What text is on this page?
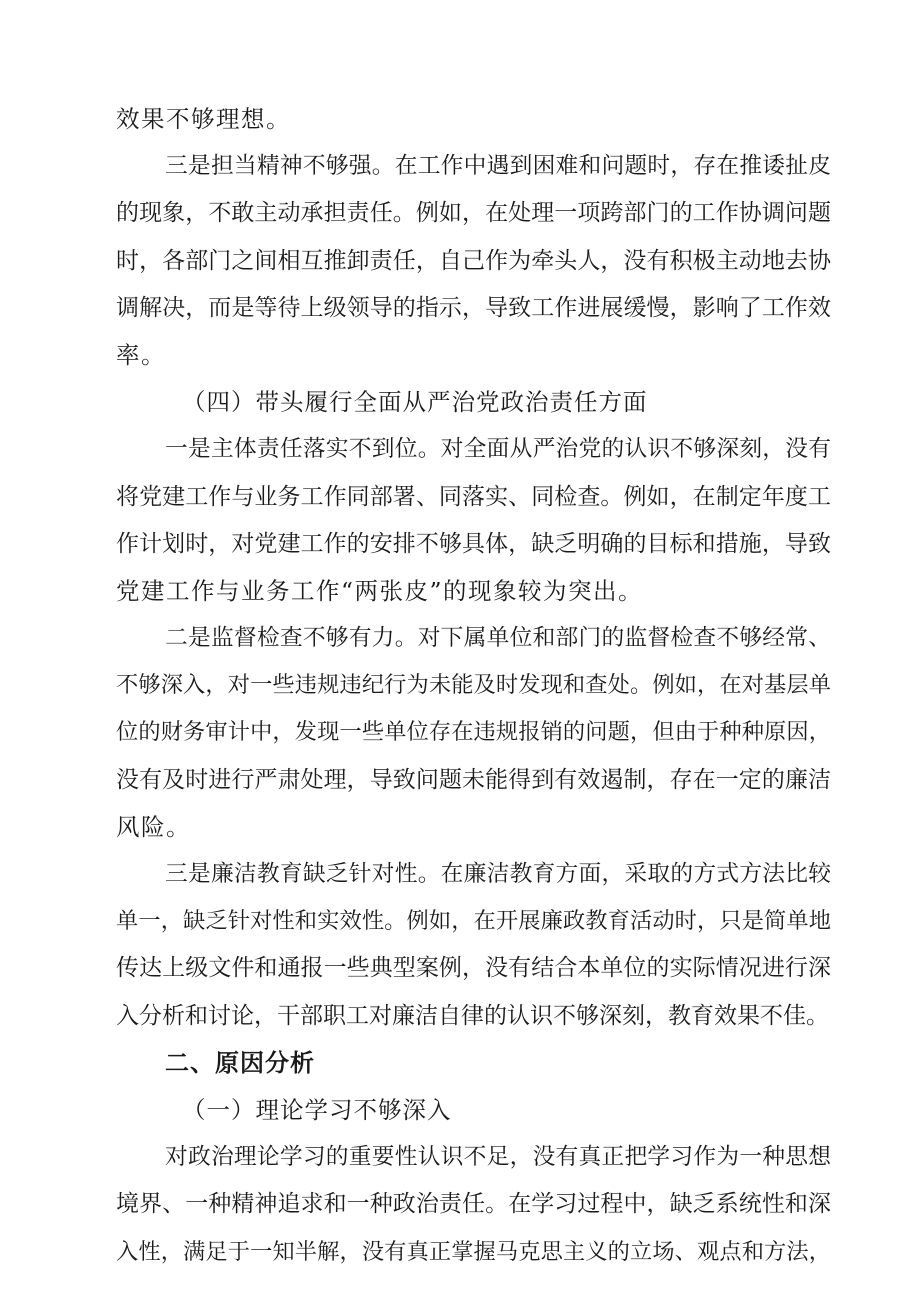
效果不够理想。
三是担当精神不够强。在工作中遇到困难和问题时，存在推诿扯皮
的现象，不敢主动承担责任。例如，在处理一项跨部门的工作协调问题
时，各部门之间相互推卸责任，自己作为牵头人，没有积极主动地去协
调解决，而是等待上级领导的指示，导致工作进展缓慢，影响了工作效
率。
（四）带头履行全面从严治党政治责任方面
一是主体责任落实不到位。对全面从严治党的认识不够深刻，没有
将党建工作与业务工作同部署、同落实、同检查。例如，在制定年度工
作计划时，对党建工作的安排不够具体，缺乏明确的目标和措施，导致
党建工作与业务工作“两张皮”的现象较为突出。
二是监督检查不够有力。对下属单位和部门的监督检查不够经常、
不够深入，对一些违规违纪行为未能及时发现和查处。例如，在对基层单
位的财务审计中，发现一些单位存在违规报销的问题，但由于种种原因，
没有及时进行严肃处理，导致问题未能得到有效遏制，存在一定的廉洁
风险。
三是廉洁教育缺乏针对性。在廉洁教育方面，采取的方式方法比较
单一，缺乏针对性和实效性。例如，在开展廉政教育活动时，只是简单地
传达上级文件和通报一些典型案例，没有结合本单位的实际情况进行深
入分析和讨论，干部职工对廉洁自律的认识不够深刻，教育效果不佳。
二、原因分析
（一）理论学习不够深入
对政治理论学习的重要性认识不足，没有真正把学习作为一种思想
境界、一种精神追求和一种政治责任。在学习过程中，缺乏系统性和深
入性，满足于一知半解，没有真正掌握马克思主义的立场、观点和方法，
